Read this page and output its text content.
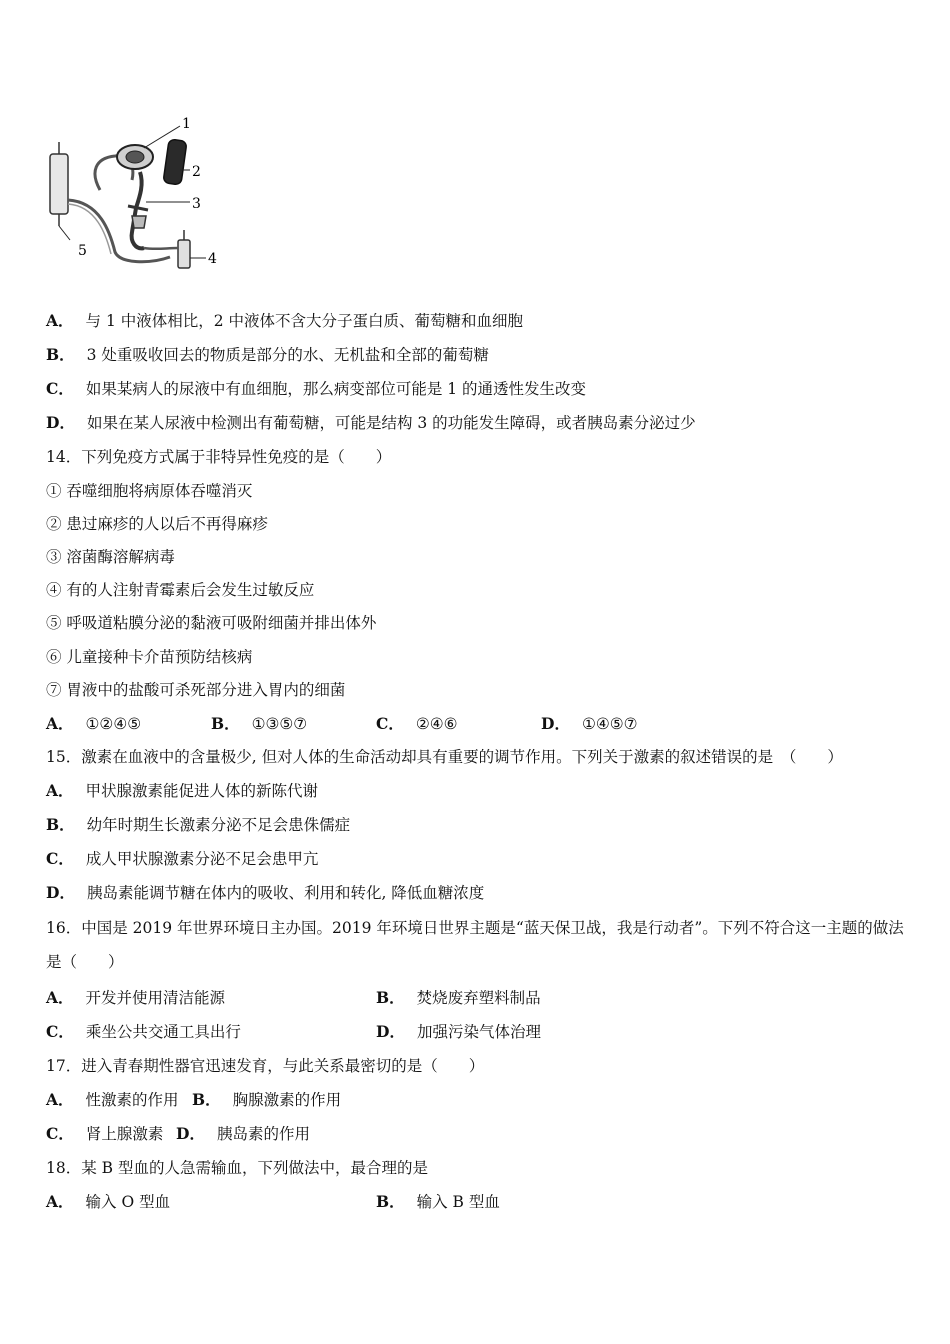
1
2
3
4
5
A． 与 1 中液体相比，2 中液体不含大分子蛋白质、葡萄糖和血细胞
B． 3 处重吸收回去的物质是部分的水、无机盐和全部的葡萄糖
C． 如果某病人的尿液中有血细胞，那么病变部位可能是 1 的通透性发生改变
D． 如果在某人尿液中检测出有葡萄糖，可能是结构 3 的功能发生障碍，或者胰岛素分泌过少
14．下列免疫方式属于非特异性免疫的是（　　）
① 吞噬细胞将病原体吞噬消灭
② 患过麻疹的人以后不再得麻疹
③ 溶菌酶溶解病毒
④ 有的人注射青霉素后会发生过敏反应
⑤ 呼吸道粘膜分泌的黏液可吸附细菌并排出体外
⑥ 儿童接种卡介苗预防结核病
⑦ 胃液中的盐酸可杀死部分进入胃内的细菌
A． ①②④⑤	B． ①③⑤⑦	C． ②④⑥	D． ①④⑤⑦
15．激素在血液中的含量极少, 但对人体的生命活动却具有重要的调节作用。下列关于激素的叙述错误的是　（　　）
A． 甲状腺激素能促进人体的新陈代谢
B． 幼年时期生长激素分泌不足会患侏儒症
C． 成人甲状腺激素分泌不足会患甲亢
D． 胰岛素能调节糖在体内的吸收、利用和转化, 降低血糖浓度
16．中国是 2019 年世界环境日主办国。2019 年环境日世界主题是“蓝天保卫战，我是行动者”。下列不符合这一主题的做法是（　　）
A． 开发并使用清洁能源	B． 焚烧废弃塑料制品
C． 乘坐公共交通工具出行	D． 加强污染气体治理
17．进入青春期性器官迅速发育，与此关系最密切的是（　　）
A． 性激素的作用 B． 胸腺激素的作用
C． 肾上腺激素 D． 胰岛素的作用
18．某 B 型血的人急需输血，下列做法中，最合理的是
A． 输入 O 型血	B． 输入 B 型血
